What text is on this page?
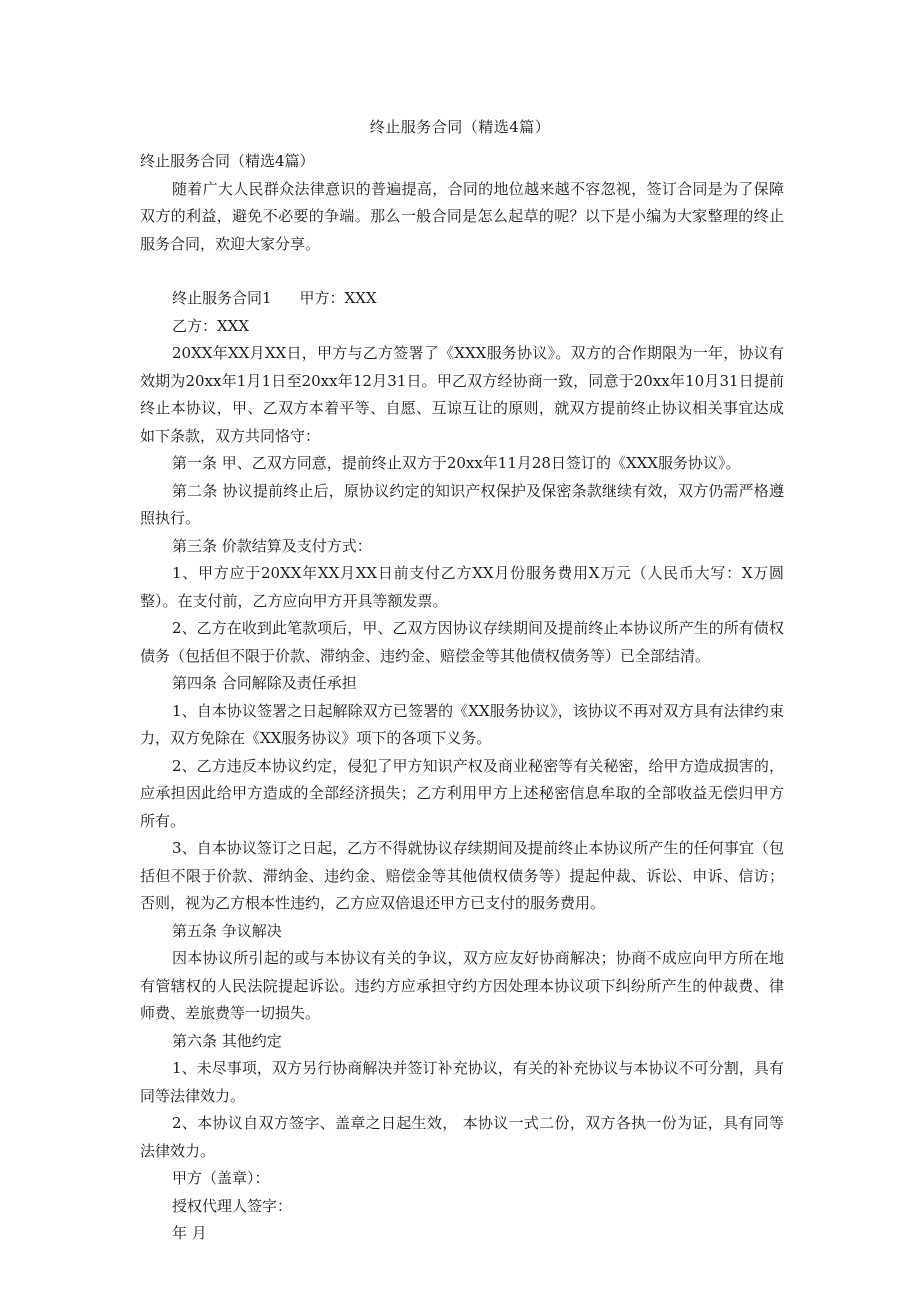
终止服务合同（精选4篇）

终止服务合同（精选4篇）

随着广大人民群众法律意识的普遍提高，合同的地位越来越不容忽视，签订合同是为了保障双方的利益，避免不必要的争端。那么一般合同是怎么起草的呢？以下是小编为大家整理的终止服务合同，欢迎大家分享。

终止服务合同1 甲方：XXX

乙方：XXX

20XX年XX月XX日，甲方与乙方签署了《XXX服务协议》。双方的合作期限为一年，协议有效期为20xx年1月1日至20xx年12月31日。甲乙双方经协商一致，同意于20xx年10月31日提前终止本协议，甲、乙双方本着平等、自愿、互谅互让的原则，就双方提前终止协议相关事宜达成如下条款，双方共同恪守：

第一条 甲、乙双方同意，提前终止双方于20xx年11月28日签订的《XXX服务协议》。

第二条 协议提前终止后，原协议约定的知识产权保护及保密条款继续有效，双方仍需严格遵照执行。

第三条 价款结算及支付方式：

1、甲方应于20XX年XX月XX日前支付乙方XX月份服务费用X万元（人民币大写：X万圆整）。在支付前，乙方应向甲方开具等额发票。

2、乙方在收到此笔款项后，甲、乙双方因协议存续期间及提前终止本协议所产生的所有债权债务（包括但不限于价款、滞纳金、违约金、赔偿金等其他债权债务等）已全部结清。

第四条 合同解除及责任承担

1、自本协议签署之日起解除双方已签署的《XX服务协议》，该协议不再对双方具有法律约束力，双方免除在《XX服务协议》项下的各项下义务。

2、乙方违反本协议约定，侵犯了甲方知识产权及商业秘密等有关秘密，给甲方造成损害的，应承担因此给甲方造成的全部经济损失；乙方利用甲方上述秘密信息牟取的全部收益无偿归甲方所有。

3、自本协议签订之日起，乙方不得就协议存续期间及提前终止本协议所产生的任何事宜（包括但不限于价款、滞纳金、违约金、赔偿金等其他债权债务等）提起仲裁、诉讼、申诉、信访；否则，视为乙方根本性违约，乙方应双倍退还甲方已支付的服务费用。

第五条 争议解决

因本协议所引起的或与本协议有关的争议，双方应友好协商解决；协商不成应向甲方所在地有管辖权的人民法院提起诉讼。违约方应承担守约方因处理本协议项下纠纷所产生的仲裁费、律师费、差旅费等一切损失。

第六条 其他约定

1、未尽事项，双方另行协商解决并签订补充协议，有关的补充协议与本协议不可分割，具有同等法律效力。

2、本协议自双方签字、盖章之日起生效， 本协议一式二份，双方各执一份为证，具有同等法律效力。

甲方（盖章）：

授权代理人签字：

年 月
